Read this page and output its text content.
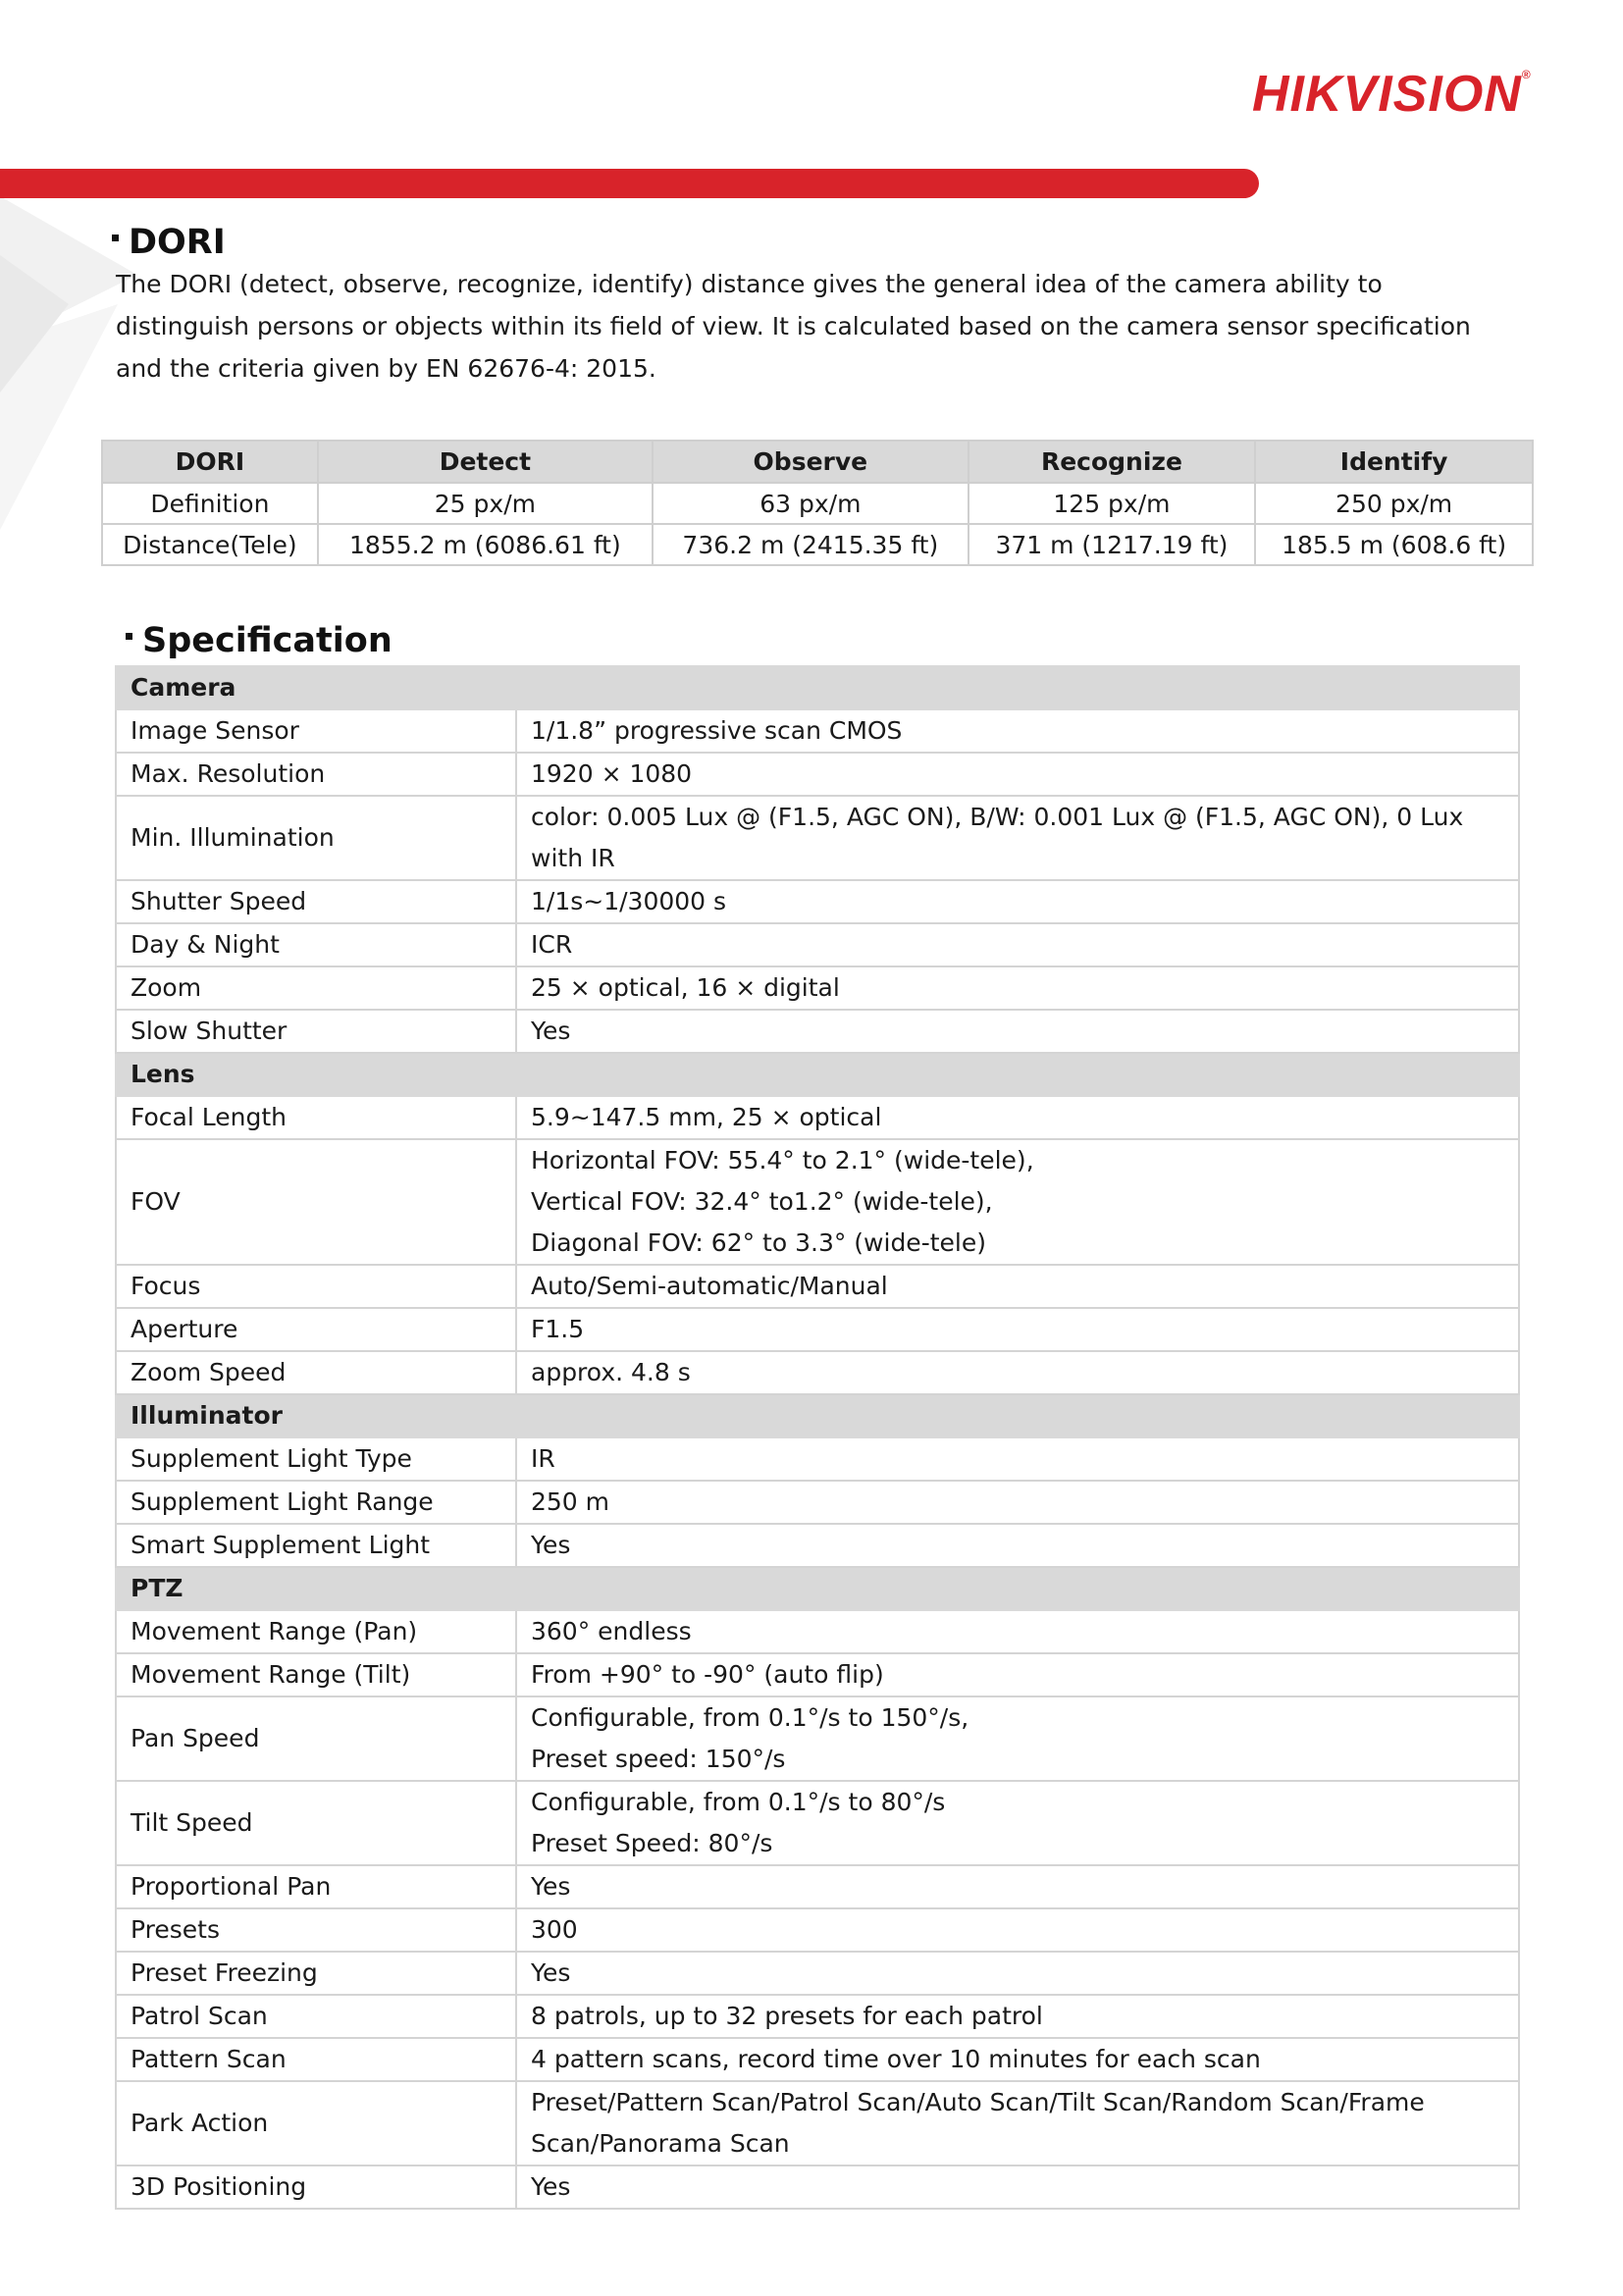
HIKVISION®
DORI
The DORI (detect, observe, recognize, identify) distance gives the general idea of the camera ability to distinguish persons or objects within its field of view. It is calculated based on the camera sensor specification and the criteria given by EN 62676-4: 2015.
DORI	Detect	Observe	Recognize	Identify
Definition	25 px/m	63 px/m	125 px/m	250 px/m
Distance(Tele)	1855.2 m (6086.61 ft)	736.2 m (2415.35 ft)	371 m (1217.19 ft)	185.5 m (608.6 ft)
Specification
Camera	
Image Sensor	1/1.8” progressive scan CMOS

Max. Resolution	1920 × 1080

Min. Illumination	color: 0.005 Lux @ (F1.5, AGC ON), B/W: 0.001 Lux @ (F1.5, AGC ON), 0 Lux with IR

Shutter Speed	1/1s~1/30000 s

Day & Night	ICR

Zoom	25 × optical, 16 × digital

Slow Shutter	Yes

Lens	
Focal Length	5.9~147.5 mm, 25 × optical

FOV	Horizontal FOV: 55.4° to 2.1° (wide-tele),
Vertical FOV: 32.4° to1.2° (wide-tele),
Diagonal FOV: 62° to 3.3° (wide-tele)

Focus	Auto/Semi-automatic/Manual

Aperture	F1.5

Zoom Speed	approx. 4.8 s

Illuminator	
Supplement Light Type	IR

Supplement Light Range	250 m

Smart Supplement Light	Yes

PTZ	
Movement Range (Pan)	360° endless

Movement Range (Tilt)	From +90° to -90° (auto flip)

Pan Speed	Configurable, from 0.1°/s to 150°/s,
Preset speed: 150°/s

Tilt Speed	Configurable, from 0.1°/s to 80°/s
Preset Speed: 80°/s

Proportional Pan	Yes

Presets	300

Preset Freezing	Yes

Patrol Scan	8 patrols, up to 32 presets for each patrol

Pattern Scan	4 pattern scans, record time over 10 minutes for each scan

Park Action	Preset/Pattern Scan/Patrol Scan/Auto Scan/Tilt Scan/Random Scan/Frame
Scan/Panorama Scan

3D Positioning	Yes
